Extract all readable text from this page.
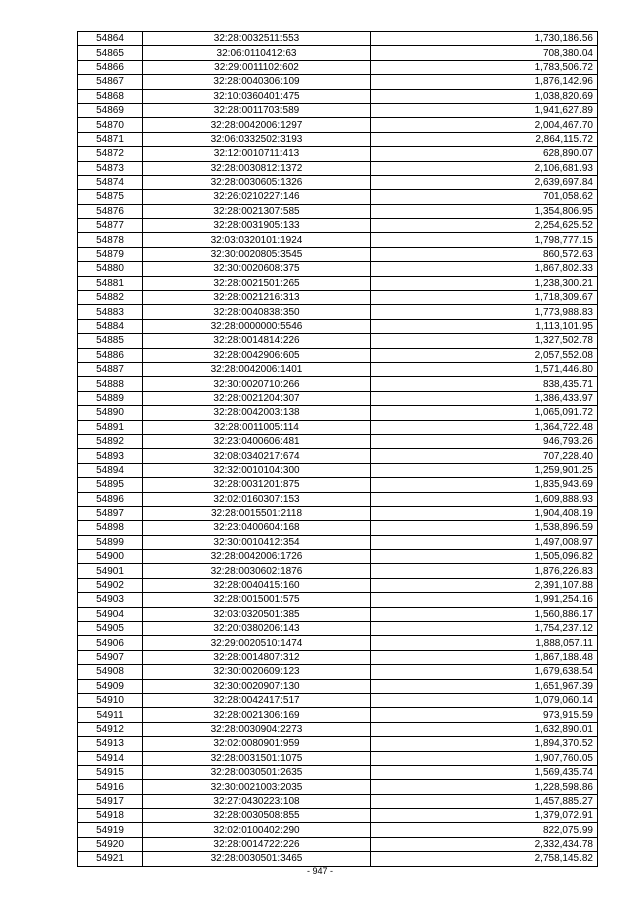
54864	32:28:0032511:553	1,730,186.56
54865	32:06:0110412:63	708,380.04
54866	32:29:0011102:602	1,783,506.72
54867	32:28:0040306:109	1,876,142.96
54868	32:10:0360401:475	1,038,820.69
54869	32:28:0011703:589	1,941,627.89
54870	32:28:0042006:1297	2,004,467.70
54871	32:06:0332502:3193	2,864,115.72
54872	32:12:0010711:413	628,890.07
54873	32:28:0030812:1372	2,106,681.93
54874	32:28:0030605:1326	2,639,697.84
54875	32:26:0210227:146	701,058.62
54876	32:28:0021307:585	1,354,806.95
54877	32:28:0031905:133	2,254,625.52
54878	32:03:0320101:1924	1,798,777.15
54879	32:30:0020805:3545	860,572.63
54880	32:30:0020608:375	1,867,802.33
54881	32:28:0021501:265	1,238,300.21
54882	32:28:0021216:313	1,718,309.67
54883	32:28:0040838:350	1,773,988.83
54884	32:28:0000000:5546	1,113,101.95
54885	32:28:0014814:226	1,327,502.78
54886	32:28:0042906:605	2,057,552.08
54887	32:28:0042006:1401	1,571,446.80
54888	32:30:0020710:266	838,435.71
54889	32:28:0021204:307	1,386,433.97
54890	32:28:0042003:138	1,065,091.72
54891	32:28:0011005:114	1,364,722.48
54892	32:23:0400606:481	946,793.26
54893	32:08:0340217:674	707,228.40
54894	32:32:0010104:300	1,259,901.25
54895	32:28:0031201:875	1,835,943.69
54896	32:02:0160307:153	1,609,888.93
54897	32:28:0015501:2118	1,904,408.19
54898	32:23:0400604:168	1,538,896.59
54899	32:30:0010412:354	1,497,008.97
54900	32:28:0042006:1726	1,505,096.82
54901	32:28:0030602:1876	1,876,226.83
54902	32:28:0040415:160	2,391,107.88
54903	32:28:0015001:575	1,991,254.16
54904	32:03:0320501:385	1,560,886.17
54905	32:20:0380206:143	1,754,237.12
54906	32:29:0020510:1474	1,888,057.11
54907	32:28:0014807:312	1,867,188.48
54908	32:30:0020609:123	1,679,638.54
54909	32:30:0020907:130	1,651,967.39
54910	32:28:0042417:517	1,079,060.14
54911	32:28:0021306:169	973,915.59
54912	32:28:0030904:2273	1,632,890.01
54913	32:02:0080901:959	1,894,370.52
54914	32:28:0031501:1075	1,907,760.05
54915	32:28:0030501:2635	1,569,435.74
54916	32:30:0021003:2035	1,228,598.86
54917	32:27:0430223:108	1,457,885.27
54918	32:28:0030508:855	1,379,072.91
54919	32:02:0100402:290	822,075.99
54920	32:28:0014722:226	2,332,434.78
54921	32:28:0030501:3465	2,758,145.82
- 947 -
